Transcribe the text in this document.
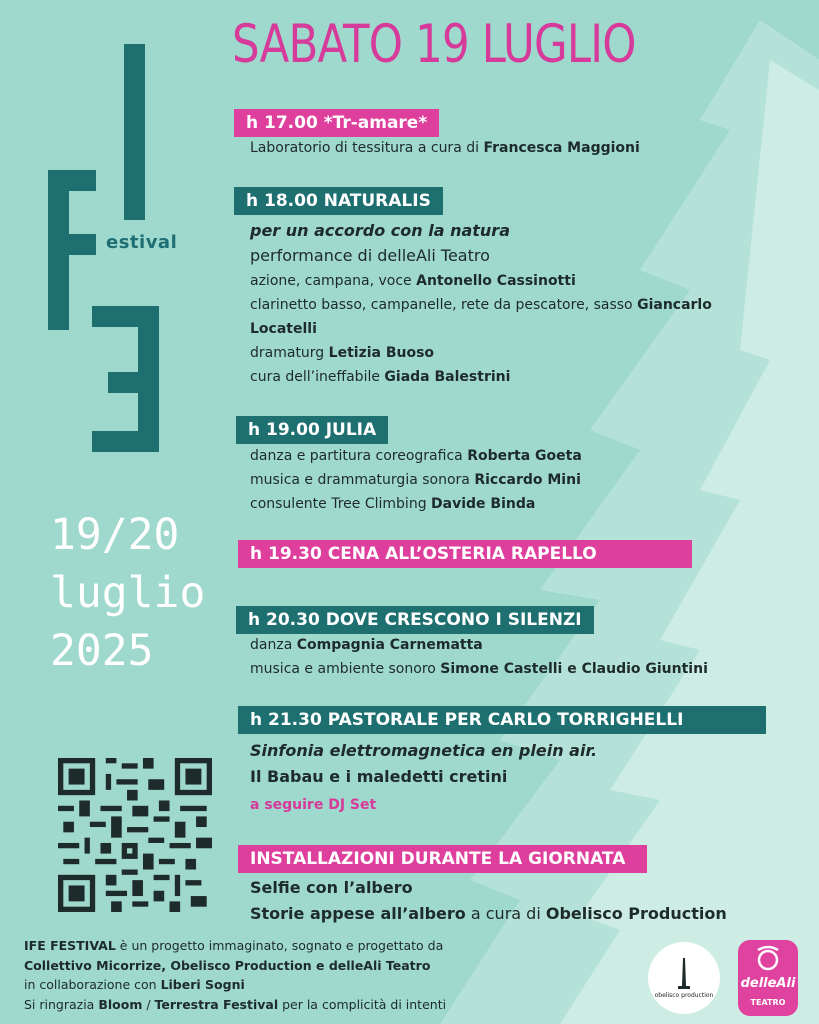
estival
19/20
luglio
2025
SABATO 19 LUGLIO
h 17.00 *Tr-amare*
Laboratorio di tessitura a cura di Francesca Maggioni
h 18.00 NATURALIS
per un accordo con la natura
performance di delleAli Teatro
azione, campana, voce Antonello Cassinotti
clarinetto basso, campanelle, rete da pescatore, sasso Giancarlo
Locatelli
dramaturg Letizia Buoso
cura dell’ineffabile Giada Balestrini
h 19.00 JULIA
danza e partitura coreografica Roberta Goeta
musica e drammaturgia sonora Riccardo Mini
consulente Tree Climbing Davide Binda
h 19.30 CENA ALL’OSTERIA RAPELLO
h 20.30 DOVE CRESCONO I SILENZI
danza Compagnia Carnematta
musica e ambiente sonoro Simone Castelli e Claudio Giuntini
h 21.30 PASTORALE PER CARLO TORRIGHELLI
Sinfonia elettromagnetica en plein air.
Il Babau e i maledetti cretini
a seguire DJ Set
INSTALLAZIONI DURANTE LA GIORNATA
Selfie con l’albero
Storie appese all’albero a cura di Obelisco Production
IFE FESTIVAL è un progetto immaginato, sognato e progettato da
Collettivo Micorrize, Obelisco Production e delleAli Teatro
in collaborazione con Liberi Sogni
Si ringrazia Bloom / Terrestra Festival per la complicità di intenti
obelisco production
delleAli
TEATRO
